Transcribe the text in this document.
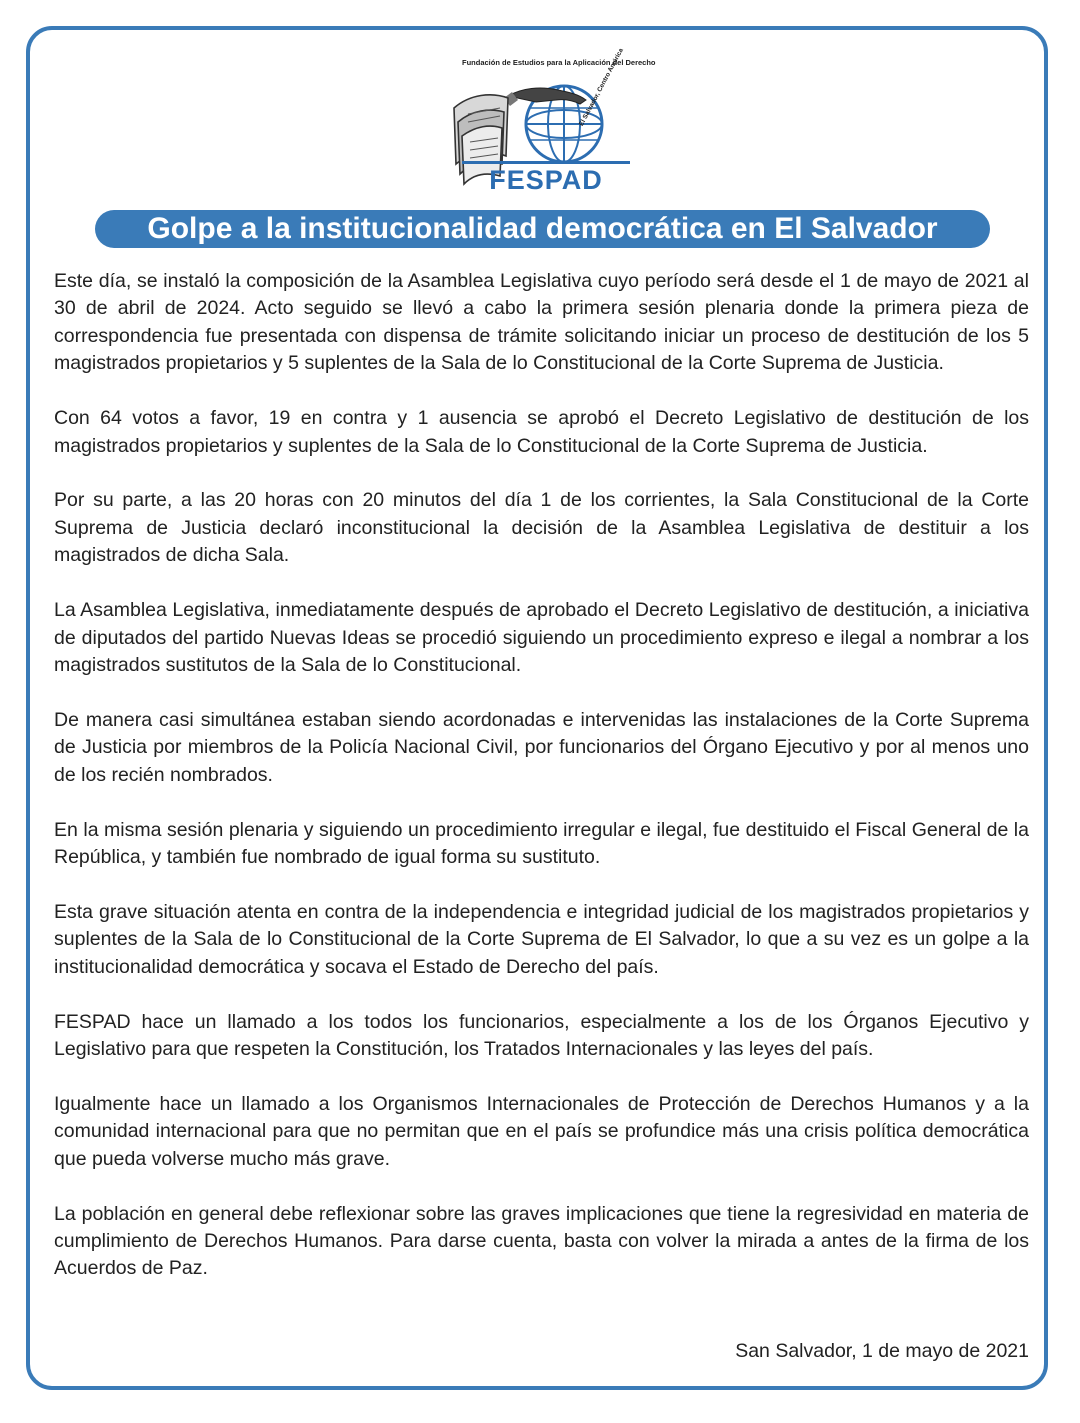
Fundación de Estudios para la Aplicación del Derecho
El Salvador, Centro América
FESPAD
Golpe a la institucionalidad democrática en El Salvador

Este día, se instaló la composición de la Asamblea Legislativa cuyo período será desde el 1 de mayo de 2021 al 30 de abril de 2024. Acto seguido se llevó a cabo la primera sesión plenaria donde la primera pieza de correspondencia fue presentada con dispensa de trámite solicitando iniciar un proceso de destitución de los 5 magistrados propietarios y 5 suplentes de la Sala de lo Constitucional de la Corte Suprema de Justicia.

Con 64 votos a favor, 19 en contra y 1 ausencia se aprobó el Decreto Legislativo de destitución de los magistrados propietarios y suplentes de la Sala de lo Constitucional de la Corte Suprema de Justicia.

Por su parte, a las 20 horas con 20 minutos del día 1 de los corrientes, la Sala Constitucional de la Corte Suprema de Justicia declaró inconstitucional la decisión de la Asamblea Legislativa de destituir a los magistrados de dicha Sala.

La Asamblea Legislativa, inmediatamente después de aprobado el Decreto Legislativo de destitución, a iniciativa de diputados del partido Nuevas Ideas se procedió siguiendo un procedimiento expreso e ilegal a nombrar a los magistrados sustitutos de la Sala de lo Constitucional.

De manera casi simultánea estaban siendo acordonadas e intervenidas las instalaciones de la Corte Suprema de Justicia por miembros de la Policía Nacional Civil, por funcionarios del Órgano Ejecutivo y por al menos uno de los recién nombrados.

En la misma sesión plenaria y siguiendo un procedimiento irregular e ilegal, fue destituido el Fiscal General de la República, y también fue nombrado de igual forma su sustituto.

Esta grave situación atenta en contra de la independencia e integridad judicial de los magistrados propietarios y suplentes de la Sala de lo Constitucional de la Corte Suprema de El Salvador, lo que a su vez es un golpe a la institucionalidad democrática y socava el Estado de Derecho del país.

FESPAD hace un llamado a los todos los funcionarios, especialmente a los de los Órganos Ejecutivo y Legislativo para que respeten la Constitución, los Tratados Internacionales y las leyes del país.

Igualmente hace un llamado a los Organismos Internacionales de Protección de Derechos Humanos y a la comunidad internacional para que no permitan que en el país se profundice más una crisis política democrática que pueda volverse mucho más grave.

La población en general debe reflexionar sobre las graves implicaciones que tiene la regresividad en materia de cumplimiento de Derechos Humanos. Para darse cuenta, basta con volver la mirada a antes de la firma de los Acuerdos de Paz.

San Salvador, 1 de mayo de 2021
